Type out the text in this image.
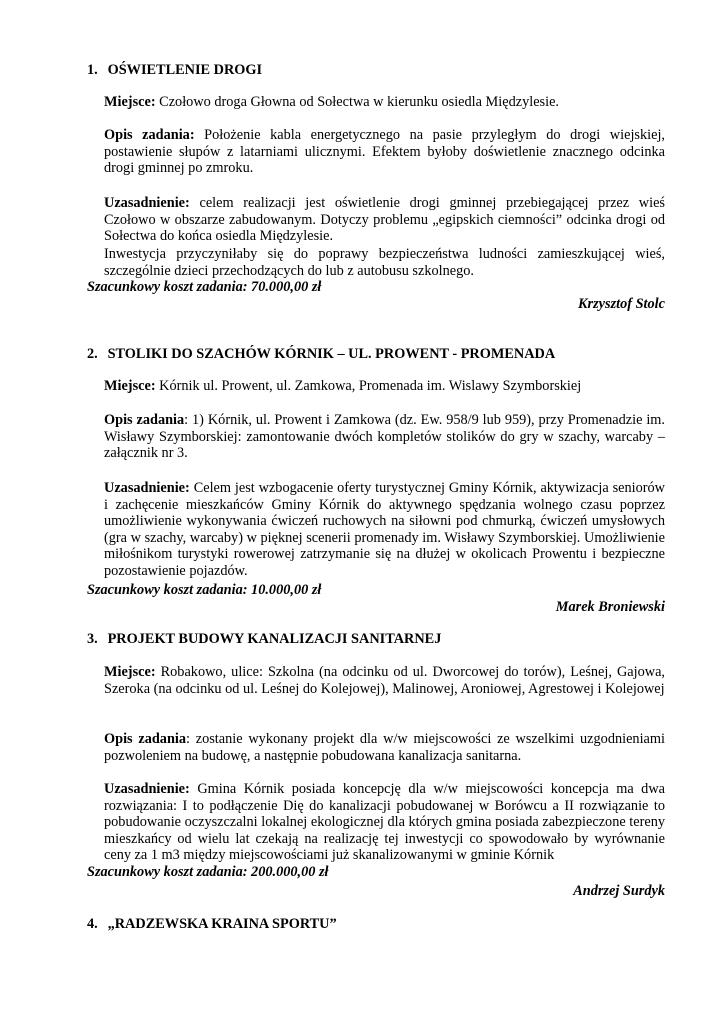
1. OŚWIETLENIE DROGI
Miejsce: Czołowo droga Głowna od Sołectwa w kierunku osiedla Międzylesie.
Opis zadania: Położenie kabla energetycznego na pasie przyległym do drogi wiejskiej, postawienie słupów z latarniami ulicznymi. Efektem byłoby doświetlenie znacznego odcinka drogi gminnej po zmroku.
Uzasadnienie: celem realizacji jest oświetlenie drogi gminnej przebiegającej przez wieś Czołowo w obszarze zabudowanym. Dotyczy problemu „egipskich ciemności” odcinka drogi od Sołectwa do końca osiedla Międzylesie.
Inwestycja przyczyniłaby się do poprawy bezpieczeństwa ludności zamieszkującej wieś, szczególnie dzieci przechodzących do lub z autobusu szkolnego.
Szacunkowy koszt zadania: 70.000,00 zł
Krzysztof Stolc
2. STOLIKI DO SZACHÓW KÓRNIK – UL. PROWENT - PROMENADA
Miejsce: Kórnik ul. Prowent, ul. Zamkowa, Promenada im. Wislawy Szymborskiej
Opis zadania: 1) Kórnik, ul. Prowent i Zamkowa (dz. Ew. 958/9 lub 959), przy Promenadzie im. Wisławy Szymborskiej: zamontowanie dwóch kompletów stolików do gry w szachy, warcaby – załącznik nr 3.
Uzasadnienie: Celem jest wzbogacenie oferty turystycznej Gminy Kórnik, aktywizacja seniorów i zachęcenie mieszkańców Gminy Kórnik do aktywnego spędzania wolnego czasu poprzez umożliwienie wykonywania ćwiczeń ruchowych na siłowni pod chmurką, ćwiczeń umysłowych (gra w szachy, warcaby) w pięknej scenerii promenady im. Wisławy Szymborskiej. Umożliwienie miłośnikom turystyki rowerowej zatrzymanie się na dłużej w okolicach Prowentu i bezpieczne pozostawienie pojazdów.
Szacunkowy koszt zadania: 10.000,00 zł
Marek Broniewski
3. PROJEKT BUDOWY KANALIZACJI SANITARNEJ
Miejsce: Robakowo, ulice: Szkolna (na odcinku od ul. Dworcowej do torów), Leśnej, Gajowa, Szeroka (na odcinku od ul. Leśnej do Kolejowej), Malinowej, Aroniowej, Agrestowej i Kolejowej
Opis zadania: zostanie wykonany projekt dla w/w miejscowości ze wszelkimi uzgodnieniami pozwoleniem na budowę, a następnie pobudowana kanalizacja sanitarna.
Uzasadnienie: Gmina Kórnik posiada koncepcję dla w/w miejscowości koncepcja ma dwa rozwiązania: I to podłączenie Dię do kanalizacji pobudowanej w Borówcu a II rozwiązanie to pobudowanie oczyszczalni lokalnej ekologicznej dla których gmina posiada zabezpieczone tereny mieszkańcy od wielu lat czekają na realizację tej inwestycji co spowodowało by wyrównanie ceny za 1 m3 między miejscowościami już skanalizowanymi w gminie Kórnik
Szacunkowy koszt zadania: 200.000,00 zł
Andrzej Surdyk
4. „RADZEWSKA KRAINA SPORTU”
